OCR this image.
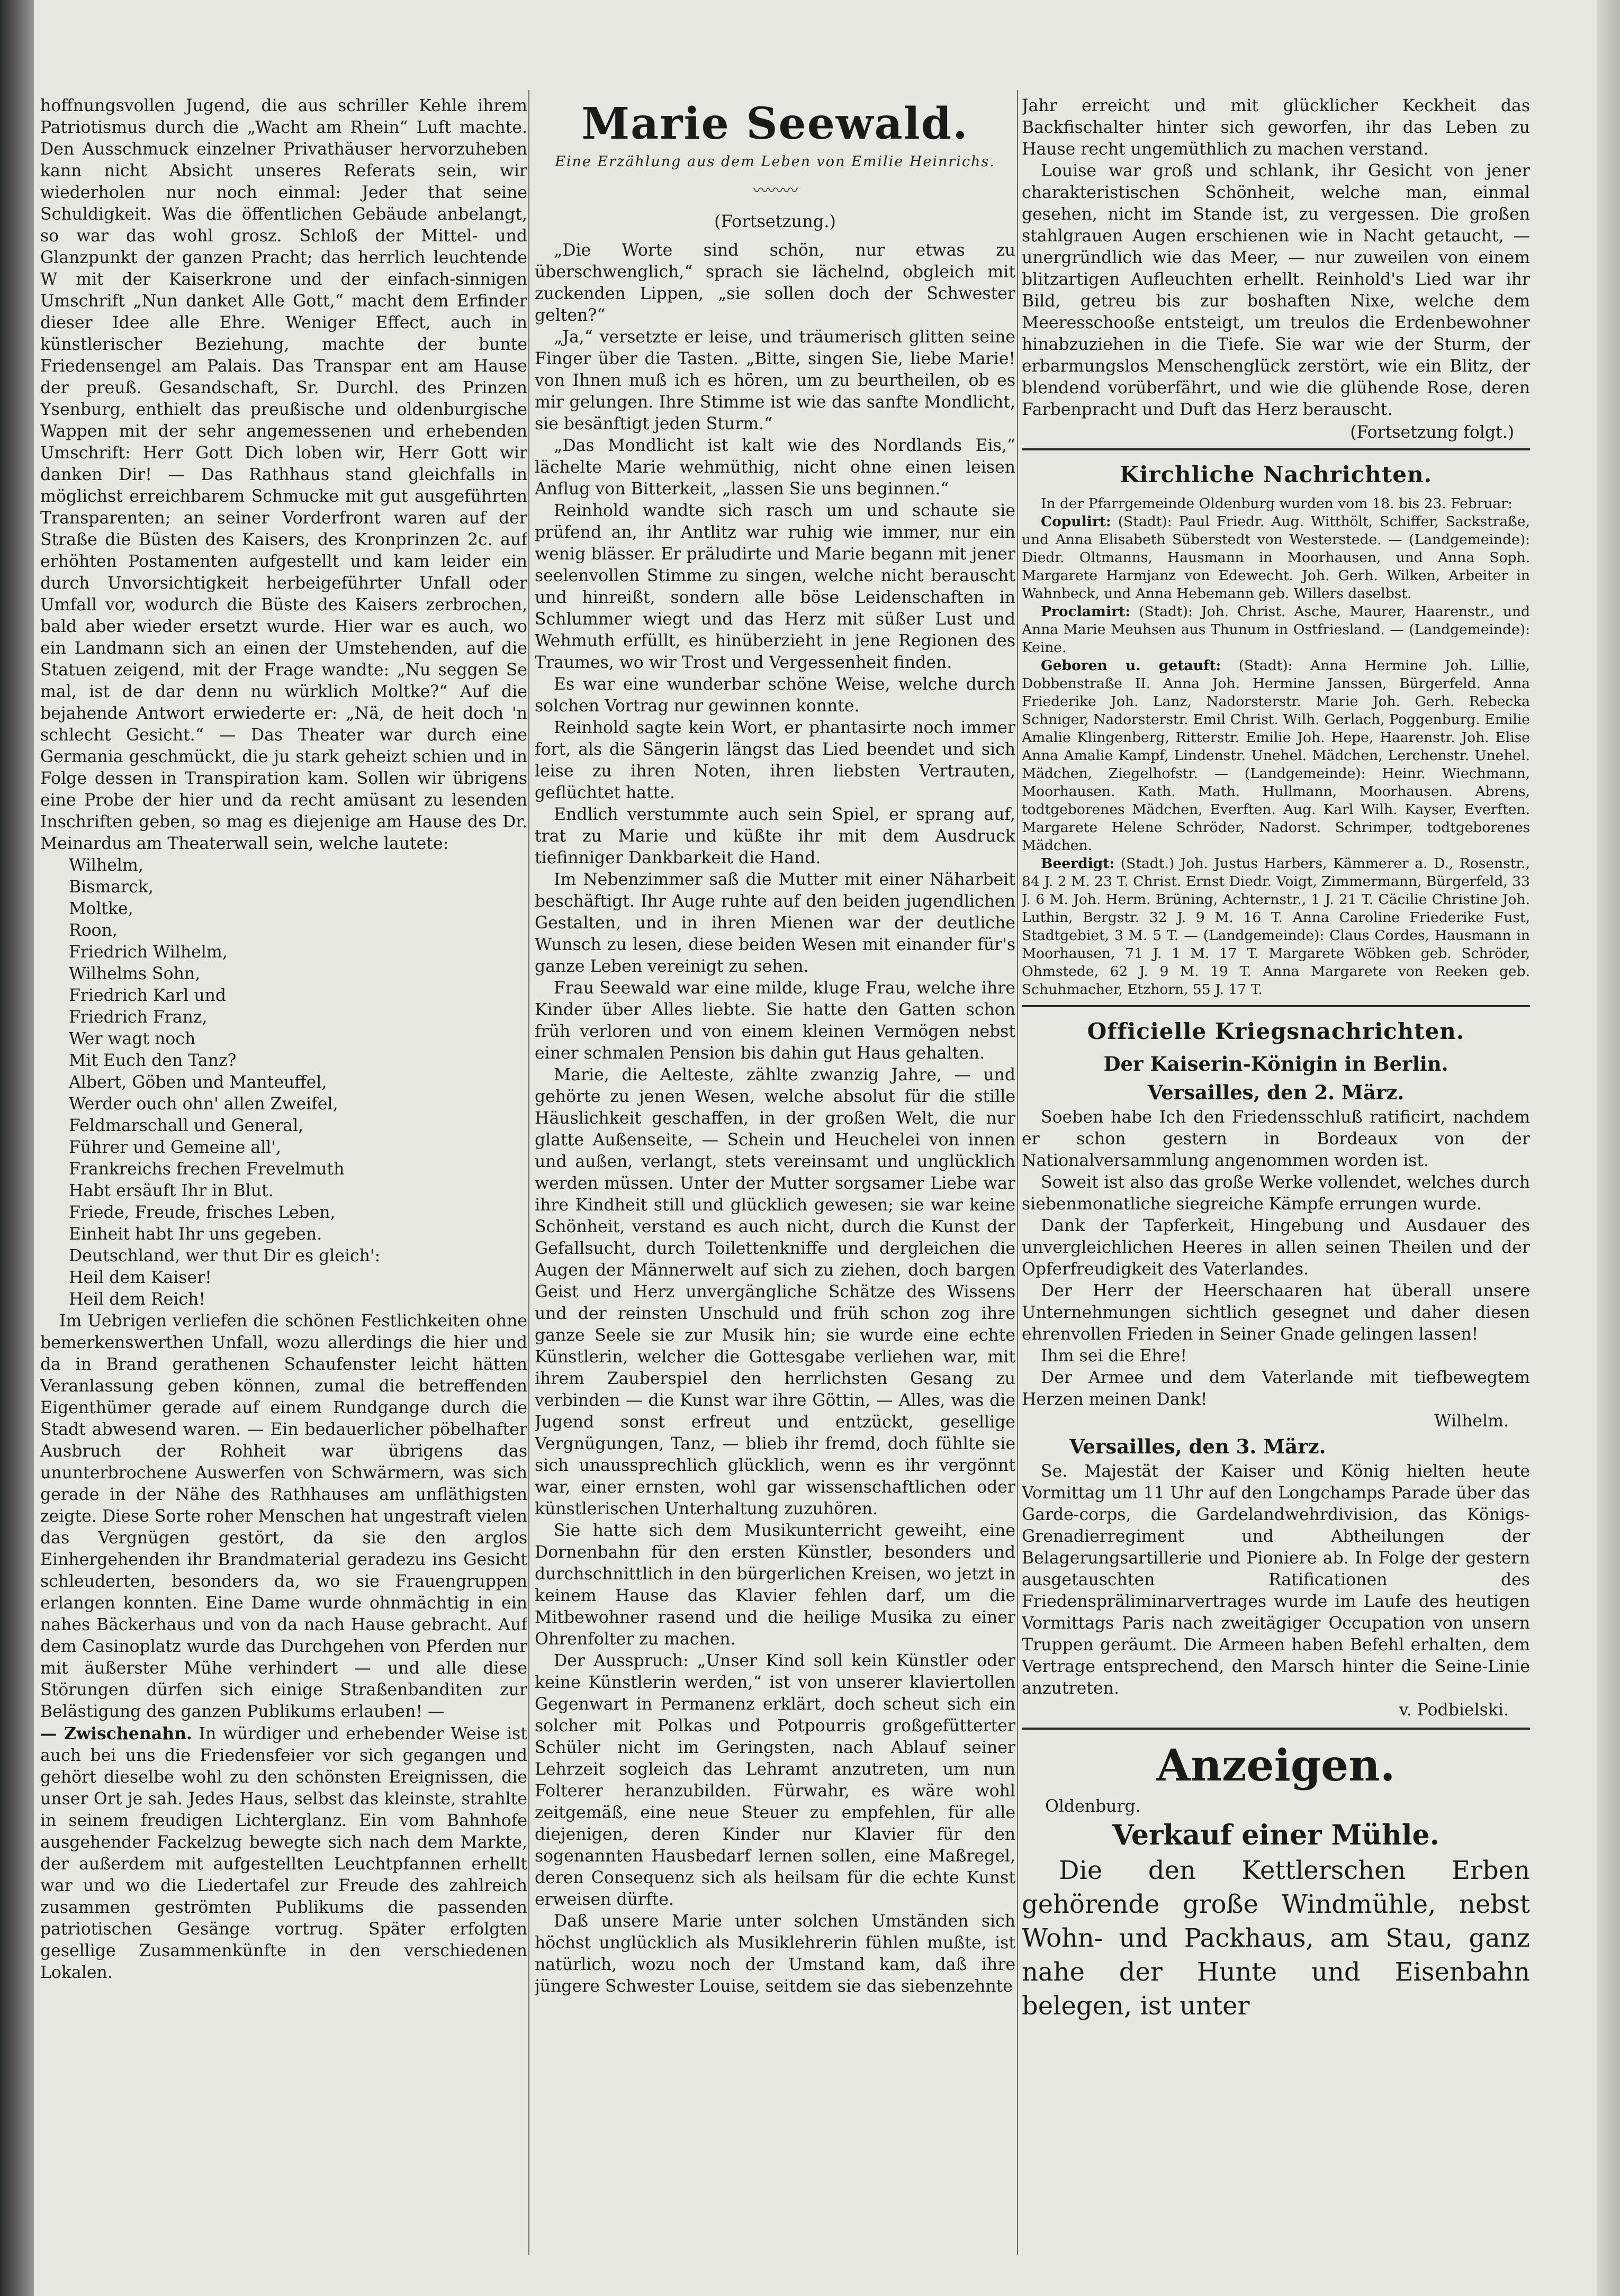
hoffnungsvollen Jugend, die aus schriller Kehle ihrem Patriotismus durch die „Wacht am Rhein“ Luft machte. Den Ausschmuck einzelner Privathäuser hervorzuheben kann nicht Absicht unseres Referats sein, wir wiederholen nur noch einmal: Jeder that seine Schuldigkeit. Was die öffentlichen Gebäude anbelangt, so war das wohl grosz. Schloß der Mittel- und Glanzpunkt der ganzen Pracht; das herrlich leuchtende W mit der Kaiserkrone und der einfach-sinnigen Umschrift „Nun danket Alle Gott,“ macht dem Erfinder dieser Idee alle Ehre. Weniger Effect, auch in künstlerischer Beziehung, machte der bunte Friedensengel am Palais. Das Transpar ent am Hause der preuß. Gesandschaft, Sr. Durchl. des Prinzen Ysenburg, enthielt das preußische und oldenburgische Wappen mit der sehr angemessenen und erhebenden Umschrift: Herr Gott Dich loben wir, Herr Gott wir danken Dir! — Das Rathhaus stand gleichfalls in möglichst erreichbarem Schmucke mit gut ausgeführten Transparenten; an seiner Vorderfront waren auf der Straße die Büsten des Kaisers, des Kronprinzen 2c. auf erhöhten Postamenten aufgestellt und kam leider ein durch Unvorsichtigkeit herbeigeführter Unfall oder Umfall vor, wodurch die Büste des Kaisers zerbrochen, bald aber wieder ersetzt wurde. Hier war es auch, wo ein Landmann sich an einen der Umstehenden, auf die Statuen zeigend, mit der Frage wandte: „Nu seggen Se mal, ist de dar denn nu würklich Moltke?“ Auf die bejahende Antwort erwiederte er: „Nä, de heit doch 'n schlecht Gesicht.“ — Das Theater war durch eine Germania geschmückt, die ju stark geheizt schien und in Folge dessen in Transpiration kam. Sollen wir übrigens eine Probe der hier und da recht amüsant zu lesenden Inschriften geben, so mag es diejenige am Hause des Dr. Meinardus am Theaterwall sein, welche lautete:

Wilhelm,
Bismarck,
Moltke,
Roon,
Friedrich Wilhelm,
Wilhelms Sohn,
Friedrich Karl und
Friedrich Franz,
Wer wagt noch
Mit Euch den Tanz?
Albert, Göben und Manteuffel,
Werder ouch ohn' allen Zweifel,
Feldmarschall und General,
Führer und Gemeine all',
Frankreichs frechen Frevelmuth
Habt ersäuft Ihr in Blut.
Friede, Freude, frisches Leben,
Einheit habt Ihr uns gegeben.
Deutschland, wer thut Dir es gleich':
Heil dem Kaiser!
Heil dem Reich!

Im Uebrigen verliefen die schönen Festlichkeiten ohne bemerkenswerthen Unfall, wozu allerdings die hier und da in Brand gerathenen Schaufenster leicht hätten Veranlassung geben können, zumal die betreffenden Eigenthümer gerade auf einem Rundgange durch die Stadt abwesend waren. — Ein bedauerlicher pöbelhafter Ausbruch der Rohheit war übrigens das ununterbrochene Auswerfen von Schwärmern, was sich gerade in der Nähe des Rathhauses am unfläthigsten zeigte. Diese Sorte roher Menschen hat ungestraft vielen das Vergnügen gestört, da sie den arglos Einhergehenden ihr Brandmaterial geradezu ins Gesicht schleuderten, besonders da, wo sie Frauengruppen erlangen konnten. Eine Dame wurde ohnmächtig in ein nahes Bäckerhaus und von da nach Hause gebracht. Auf dem Casinoplatz wurde das Durchgehen von Pferden nur mit äußerster Mühe verhindert — und alle diese Störungen dürfen sich einige Straßenbanditen zur Belästigung des ganzen Publikums erlauben! —

— Zwischenahn. In würdiger und erhebender Weise ist auch bei uns die Friedensfeier vor sich gegangen und gehört dieselbe wohl zu den schönsten Ereignissen, die unser Ort je sah. Jedes Haus, selbst das kleinste, strahlte in seinem freudigen Lichterglanz. Ein vom Bahnhofe ausgehender Fackelzug bewegte sich nach dem Markte, der außerdem mit aufgestellten Leuchtpfannen erhellt war und wo die Liedertafel zur Freude des zahlreich zusammen geströmten Publikums die passenden patriotischen Gesänge vortrug. Später erfolgten gesellige Zusammenkünfte in den verschiedenen Lokalen.

Marie Seewald.
Eine Erzählung aus dem Leben von Emilie Heinrichs.
〰〰〰
(Fortsetzung.)

„Die Worte sind schön, nur etwas zu überschwenglich,“ sprach sie lächelnd, obgleich mit zuckenden Lippen, „sie sollen doch der Schwester gelten?“

„Ja,“ versetzte er leise, und träumerisch glitten seine Finger über die Tasten. „Bitte, singen Sie, liebe Marie! von Ihnen muß ich es hören, um zu beurtheilen, ob es mir gelungen. Ihre Stimme ist wie das sanfte Mondlicht, sie besänftigt jeden Sturm.“

„Das Mondlicht ist kalt wie des Nordlands Eis,“ lächelte Marie wehmüthig, nicht ohne einen leisen Anflug von Bitterkeit, „lassen Sie uns beginnen.“

Reinhold wandte sich rasch um und schaute sie prüfend an, ihr Antlitz war ruhig wie immer, nur ein wenig blässer. Er präludirte und Marie begann mit jener seelenvollen Stimme zu singen, welche nicht berauscht und hinreißt, sondern alle böse Leidenschaften in Schlummer wiegt und das Herz mit süßer Lust und Wehmuth erfüllt, es hinüberzieht in jene Regionen des Traumes, wo wir Trost und Vergessenheit finden.

Es war eine wunderbar schöne Weise, welche durch solchen Vortrag nur gewinnen konnte.

Reinhold sagte kein Wort, er phantasirte noch immer fort, als die Sängerin längst das Lied beendet und sich leise zu ihren Noten, ihren liebsten Vertrauten, geflüchtet hatte.

Endlich verstummte auch sein Spiel, er sprang auf, trat zu Marie und küßte ihr mit dem Ausdruck tiefinniger Dankbarkeit die Hand.

Im Nebenzimmer saß die Mutter mit einer Näharbeit beschäftigt. Ihr Auge ruhte auf den beiden jugendlichen Gestalten, und in ihren Mienen war der deutliche Wunsch zu lesen, diese beiden Wesen mit einander für's ganze Leben vereinigt zu sehen.

Frau Seewald war eine milde, kluge Frau, welche ihre Kinder über Alles liebte. Sie hatte den Gatten schon früh verloren und von einem kleinen Vermögen nebst einer schmalen Pension bis dahin gut Haus gehalten.

Marie, die Aelteste, zählte zwanzig Jahre, — und gehörte zu jenen Wesen, welche absolut für die stille Häuslichkeit geschaffen, in der großen Welt, die nur glatte Außenseite, — Schein und Heuchelei von innen und außen, verlangt, stets vereinsamt und unglücklich werden müssen. Unter der Mutter sorgsamer Liebe war ihre Kindheit still und glücklich gewesen; sie war keine Schönheit, verstand es auch nicht, durch die Kunst der Gefallsucht, durch Toilettenkniffe und dergleichen die Augen der Männerwelt auf sich zu ziehen, doch bargen Geist und Herz unvergängliche Schätze des Wissens und der reinsten Unschuld und früh schon zog ihre ganze Seele sie zur Musik hin; sie wurde eine echte Künstlerin, welcher die Gottesgabe verliehen war, mit ihrem Zauberspiel den herrlichsten Gesang zu verbinden — die Kunst war ihre Göttin, — Alles, was die Jugend sonst erfreut und entzückt, gesellige Vergnügungen, Tanz, — blieb ihr fremd, doch fühlte sie sich unaussprechlich glücklich, wenn es ihr vergönnt war, einer ernsten, wohl gar wissenschaftlichen oder künstlerischen Unterhaltung zuzuhören.

Sie hatte sich dem Musikunterricht geweiht, eine Dornenbahn für den ersten Künstler, besonders und durchschnittlich in den bürgerlichen Kreisen, wo jetzt in keinem Hause das Klavier fehlen darf, um die Mitbewohner rasend und die heilige Musika zu einer Ohrenfolter zu machen.

Der Ausspruch: „Unser Kind soll kein Künstler oder keine Künstlerin werden,“ ist von unserer klaviertollen Gegenwart in Permanenz erklärt, doch scheut sich ein solcher mit Polkas und Potpourris großgefütterter Schüler nicht im Geringsten, nach Ablauf seiner Lehrzeit sogleich das Lehramt anzutreten, um nun Folterer heranzubilden. Fürwahr, es wäre wohl zeitgemäß, eine neue Steuer zu empfehlen, für alle diejenigen, deren Kinder nur Klavier für den sogenannten Hausbedarf lernen sollen, eine Maßregel, deren Consequenz sich als heilsam für die echte Kunst erweisen dürfte.

Daß unsere Marie unter solchen Umständen sich höchst unglücklich als Musiklehrerin fühlen mußte, ist natürlich, wozu noch der Umstand kam, daß ihre jüngere Schwester Louise, seitdem sie das siebenzehnte

Jahr erreicht und mit glücklicher Keckheit das Backfischalter hinter sich geworfen, ihr das Leben zu Hause recht ungemüthlich zu machen verstand.

Louise war groß und schlank, ihr Gesicht von jener charakteristischen Schönheit, welche man, einmal gesehen, nicht im Stande ist, zu vergessen. Die großen stahlgrauen Augen erschienen wie in Nacht getaucht, — unergründlich wie das Meer, — nur zuweilen von einem blitzartigen Aufleuchten erhellt. Reinhold's Lied war ihr Bild, getreu bis zur boshaften Nixe, welche dem Meeresschooße entsteigt, um treulos die Erdenbewohner hinabzuziehen in die Tiefe. Sie war wie der Sturm, der erbarmungslos Menschenglück zerstört, wie ein Blitz, der blendend vorüberfährt, und wie die glühende Rose, deren Farbenpracht und Duft das Herz berauscht.

(Fortsetzung folgt.)
Kirchliche Nachrichten.

In der Pfarrgemeinde Oldenburg wurden vom 18. bis 23. Februar:

Copulirt: (Stadt): Paul Friedr. Aug. Witthölt, Schiffer, Sackstraße, und Anna Elisabeth Süberstedt von Westerstede. — (Landgemeinde): Diedr. Oltmanns, Hausmann in Moorhausen, und Anna Soph. Margarete Harmjanz von Edewecht. Joh. Gerh. Wilken, Arbeiter in Wahnbeck, und Anna Hebemann geb. Willers daselbst.

Proclamirt: (Stadt): Joh. Christ. Asche, Maurer, Haarenstr., und Anna Marie Meuhsen aus Thunum in Ostfriesland. — (Landgemeinde): Keine.

Geboren u. getauft: (Stadt): Anna Hermine Joh. Lillie, Dobbenstraße II. Anna Joh. Hermine Janssen, Bürgerfeld. Anna Friederike Joh. Lanz, Nadorsterstr. Marie Joh. Gerh. Rebecka Schniger, Nadorsterstr. Emil Christ. Wilh. Gerlach, Poggenburg. Emilie Amalie Klingenberg, Ritterstr. Emilie Joh. Hepe, Haarenstr. Joh. Elise Anna Amalie Kampf, Lindenstr. Unehel. Mädchen, Lerchenstr. Unehel. Mädchen, Ziegelhofstr. — (Landgemeinde): Heinr. Wiechmann, Moorhausen. Kath. Math. Hullmann, Moorhausen. Abrens, todtgeborenes Mädchen, Everften. Aug. Karl Wilh. Kayser, Everften. Margarete Helene Schröder, Nadorst. Schrimper, todtgeborenes Mädchen.

Beerdigt: (Stadt.) Joh. Justus Harbers, Kämmerer a. D., Rosenstr., 84 J. 2 M. 23 T. Christ. Ernst Diedr. Voigt, Zimmermann, Bürgerfeld, 33 J. 6 M. Joh. Herm. Brüning, Achternstr., 1 J. 21 T. Cäcilie Christine Joh. Luthin, Bergstr. 32 J. 9 M. 16 T. Anna Caroline Friederike Fust, Stadtgebiet, 3 M. 5 T. — (Landgemeinde): Claus Cordes, Hausmann in Moorhausen, 71 J. 1 M. 17 T. Margarete Wöbken geb. Schröder, Ohmstede, 62 J. 9 M. 19 T. Anna Margarete von Reeken geb. Schuhmacher, Etzhorn, 55 J. 17 T.

Officielle Kriegsnachrichten.
Der Kaiserin-Königin in Berlin.
Versailles, den 2. März.

Soeben habe Ich den Friedensschluß ratificirt, nachdem er schon gestern in Bordeaux von der Nationalversammlung angenommen worden ist.

Soweit ist also das große Werke vollendet, welches durch siebenmonatliche siegreiche Kämpfe errungen wurde.

Dank der Tapferkeit, Hingebung und Ausdauer des unvergleichlichen Heeres in allen seinen Theilen und der Opferfreudigkeit des Vaterlandes.

Der Herr der Heerschaaren hat überall unsere Unternehmungen sichtlich gesegnet und daher diesen ehrenvollen Frieden in Seiner Gnade gelingen lassen!

Ihm sei die Ehre!

Der Armee und dem Vaterlande mit tiefbewegtem Herzen meinen Dank!

Wilhelm.
Versailles, den 3. März.

Se. Majestät der Kaiser und König hielten heute Vormittag um 11 Uhr auf den Longchamps Parade über das Garde-corps, die Gardelandwehrdivision, das Königs-Grenadierregiment und Abtheilungen der Belagerungsartillerie und Pioniere ab. In Folge der gestern ausgetauschten Ratificationen des Friedenspräliminarvertrages wurde im Laufe des heutigen Vormittags Paris nach zweitägiger Occupation von unsern Truppen geräumt. Die Armeen haben Befehl erhalten, dem Vertrage entsprechend, den Marsch hinter die Seine-Linie anzutreten.

v. Podbielski.
Anzeigen.
Oldenburg.
Verkauf einer Mühle.
Die den Kettlerschen Erben gehörende große Windmühle, nebst Wohn- und Packhaus, am Stau, ganz nahe der Hunte und Eisenbahn belegen, ist unter
